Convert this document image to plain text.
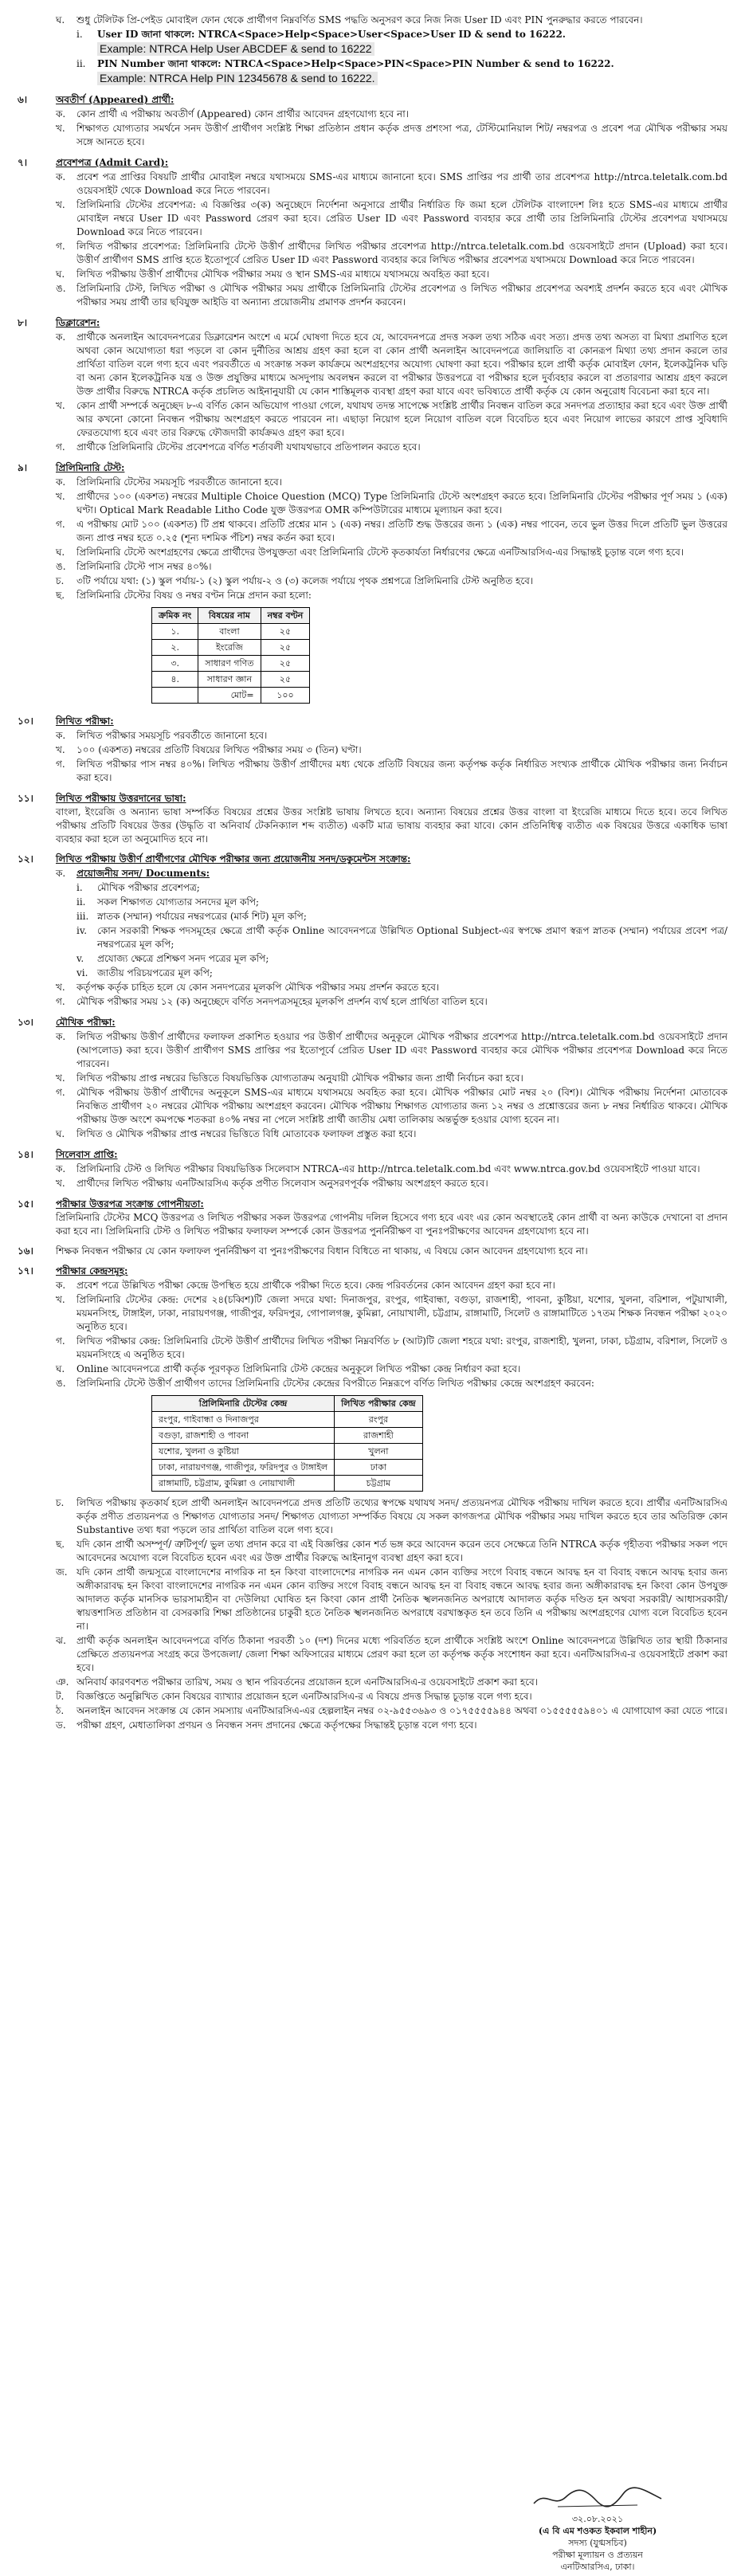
ঘ.	শুধু টেলিটক প্রি-পেইড মোবাইল ফোন থেকে প্রার্থীগণ নিম্নবর্ণিত SMS পদ্ধতি অনুসরণ করে নিজ নিজ User ID এবং PIN পুনরুদ্ধার করতে পারবেন।
i.	User ID জানা থাকলে: NTRCA<Space>Help<Space>User<Space>User ID & send to 16222.
Example: NTRCA Help User ABCDEF & send to 16222
ii.	PIN Number জানা থাকলে: NTRCA<Space>Help<Space>PIN<Space>PIN Number & send to 16222.
Example: NTRCA Help PIN 12345678 & send to 16222.
৬।	অবতীর্ণ (Appeared) প্রার্থী:
ক.	কোন প্রার্থী এ পরীক্ষায় অবতীর্ণ (Appeared) কোন প্রার্থীর আবেদন গ্রহণযোগ্য হবে না।
খ.	শিক্ষাগত যোগ্যতার সমর্থনে সনদ উত্তীর্ণ প্রার্থীগণ সংশ্লিষ্ট শিক্ষা প্রতিষ্ঠান প্রধান কর্তৃক প্রদত্ত প্রশংসা পত্র, টেস্টিমোনিয়াল শিট/ নম্বরপত্র ও প্রবেশ পত্র মৌখিক পরীক্ষার সময় সঙ্গে আনতে হবে।
৭।	প্রবেশপত্র (Admit Card):
ক.	প্রবেশ পত্র প্রাপ্তির বিষয়টি প্রার্থীর মোবাইল নম্বরে যথাসময়ে SMS-এর মাধ্যমে জানানো হবে। SMS প্রাপ্তির পর প্রার্থী তার প্রবেশপত্র http://ntrca.teletalk.com.bd ওয়েবসাইট থেকে Download করে নিতে পারবেন।
খ.	প্রিলিমিনারি টেস্টের প্রবেশপত্র: এ বিজ্ঞপ্তির ৩(ক) অনুচ্ছেদে নির্দেশনা অনুসারে প্রার্থীর নির্ধারিত ফি জমা হলে টেলিটক বাংলাদেশ লিঃ হতে SMS-এর মাধ্যমে প্রার্থীর মোবাইল নম্বরে User ID এবং Password প্রেরণ করা হবে। প্রেরিত User ID এবং Password ব্যবহার করে প্রার্থী তার প্রিলিমিনারি টেস্টের প্রবেশপত্র যথাসময়ে Download করে নিতে পারবেন।
গ.	লিখিত পরীক্ষার প্রবেশপত্র: প্রিলিমিনারি টেস্টে উত্তীর্ণ প্রার্থীদের লিখিত পরীক্ষার প্রবেশপত্র http://ntrca.teletalk.com.bd ওয়েবসাইটে প্রদান (Upload) করা হবে। উত্তীর্ণ প্রার্থীগণ SMS প্রাপ্তি হতে ইতোপূর্বে প্রেরিত User ID এবং Password ব্যবহার করে লিখিত পরীক্ষার প্রবেশপত্র যথাসময়ে Download করে নিতে পারবেন।
ঘ.	লিখিত পরীক্ষায় উত্তীর্ণ প্রার্থীদের মৌখিক পরীক্ষার সময় ও স্থান SMS-এর মাধ্যমে যথাসময়ে অবহিত করা হবে।
ঙ.	প্রিলিমিনারি টেস্ট, লিখিত পরীক্ষা ও মৌখিক পরীক্ষার সময় প্রার্থীকে প্রিলিমিনারি টেস্টের প্রবেশপত্র ও লিখিত পরীক্ষার প্রবেশপত্র অবশ্যই প্রদর্শন করতে হবে এবং মৌখিক পরীক্ষার সময় প্রার্থী তার ছবিযুক্ত আইডি বা অন্যান্য প্রয়োজনীয় প্রমাণক প্রদর্শন করবেন।
৮।	ডিক্লারেশন:
ক.	প্রার্থীকে অনলাইন আবেদনপত্রের ডিক্লারেশন অংশে এ মর্মে ঘোষণা দিতে হবে যে, আবেদনপত্রে প্রদত্ত সকল তথ্য সঠিক এবং সত্য। প্রদত্ত তথ্য অসত্য বা মিথ্যা প্রমাণিত হলে অথবা কোন অযোগ্যতা ধরা পড়লে বা কোন দুর্নীতির আশ্রয় গ্রহণ করা হলে বা কোন প্রার্থী অনলাইন আবেদনপত্রে জালিয়াতি বা কোনরূপ মিথ্যা তথ্য প্রদান করলে তার প্রার্থিতা বাতিল বলে গণ্য হবে এবং পরবর্তীতে এ সংক্রান্ত সকল কার্যক্রমে অংশগ্রহণের অযোগ্য ঘোষণা করা হবে। পরীক্ষার হলে প্রার্থী কর্তৃক মোবাইল ফোন, ইলেকট্রনিক ঘড়ি বা অন্য কোন ইলেকট্রনিক যন্ত্র ও উক্ত প্রযুক্তির মাধ্যমে অসদুপায় অবলম্বন করলে বা পরীক্ষার উত্তরপত্রে বা পরীক্ষার হলে দুর্ব্যবহার করলে বা প্রতারণার আশ্রয় গ্রহণ করলে উক্ত প্রার্থীর বিরুদ্ধে NTRCA কর্তৃক প্রচলিত আইনানুযায়ী যে কোন শাস্তিমূলক ব্যবস্থা গ্রহণ করা যাবে এবং ভবিষ্যতে প্রার্থী কর্তৃক যে কোন অনুরোধ বিবেচনা করা হবে না।
খ.	কোন প্রার্থী সম্পর্কে অনুচ্ছেদ ৮-এ বর্ণিত কোন অভিযোগ পাওয়া গেলে, যথাযথ তদন্ত সাপেক্ষে সংশ্লিষ্ট প্রার্থীর নিবন্ধন বাতিল করে সনদপত্র প্রত্যাহার করা হবে এবং উক্ত প্রার্থী আর কখনো কোনো নিবন্ধন পরীক্ষায় অংশগ্রহণ করতে পারবেন না। এছাড়া নিয়োগ হলে নিয়োগ বাতিল বলে বিবেচিত হবে এবং নিয়োগ লাভের কারণে প্রাপ্ত সুবিধাদি ফেরতযোগ্য হবে এবং তার বিরুদ্ধে ফৌজদারী কার্যক্রমও গ্রহণ করা হবে।
গ.	প্রার্থীকে প্রিলিমিনারি টেস্টের প্রবেশপত্রে বর্ণিত শর্তাবলী যথাযথভাবে প্রতিপালন করতে হবে।
৯।	প্রিলিমিনারি টেস্ট:
ক.	প্রিলিমিনারি টেস্টের সময়সূচি পরবর্তীতে জানানো হবে।
খ.	প্রার্থীদের ১০০ (একশত) নম্বরের Multiple Choice Question (MCQ) Type প্রিলিমিনারি টেস্টে অংশগ্রহণ করতে হবে। প্রিলিমিনারি টেস্টের পরীক্ষার পূর্ণ সময় ১ (এক) ঘণ্টা। Optical Mark Readable Litho Code যুক্ত উত্তরপত্র OMR কম্পিউটারের মাধ্যমে মূল্যায়ন করা হবে।
গ.	এ পরীক্ষায় মোট ১০০ (একশত) টি প্রশ্ন থাকবে। প্রতিটি প্রশ্নের মান ১ (এক) নম্বর। প্রতিটি শুদ্ধ উত্তরের জন্য ১ (এক) নম্বর পাবেন, তবে ভুল উত্তর দিলে প্রতিটি ভুল উত্তরের জন্য প্রাপ্ত নম্বর হতে ০.২৫ (শূন্য দশমিক পঁচিশ) নম্বর কর্তন করা হবে।
ঘ.	প্রিলিমিনারি টেস্টে অংশগ্রহণের ক্ষেত্রে প্রার্থীদের উপযুক্ততা এবং প্রিলিমিনারি টেস্টে কৃতকার্যতা নির্ধারণের ক্ষেত্রে এনটিআরসিএ-এর সিদ্ধান্তই চূড়ান্ত বলে গণ্য হবে।
ঙ.	প্রিলিমিনারি টেস্টে পাস নম্বর ৪০%।
চ.	৩টি পর্যায়ে যথা: (১) স্কুল পর্যায়-১ (২) স্কুল পর্যায়-২ ও (৩) কলেজ পর্যায়ে পৃথক প্রশ্নপত্রে প্রিলিমিনারি টেস্ট অনুষ্ঠিত হবে।
ছ.	প্রিলিমিনারি টেস্টের বিষয় ও নম্বর বণ্টন নিম্নে প্রদান করা হলো:
ক্রমিক নং	বিষয়ের নাম	নম্বর বণ্টন
১.	বাংলা	২৫
২.	ইংরেজি	২৫
৩.	সাধারণ গণিত	২৫
৪.	সাধারণ জ্ঞান	২৫
	মোট=	১০০
১০।	লিখিত পরীক্ষা:
ক.	লিখিত পরীক্ষার সময়সূচি পরবর্তীতে জানানো হবে।
খ.	১০০ (একশত) নম্বরের প্রতিটি বিষয়ের লিখিত পরীক্ষার সময় ৩ (তিন) ঘণ্টা।
গ.	লিখিত পরীক্ষার পাস নম্বর ৪০%। লিখিত পরীক্ষায় উত্তীর্ণ প্রার্থীদের মধ্য থেকে প্রতিটি বিষয়ের জন্য কর্তৃপক্ষ কর্তৃক নির্ধারিত সংখ্যক প্রার্থীকে মৌখিক পরীক্ষার জন্য নির্বাচন করা হবে।
১১।	লিখিত পরীক্ষায় উত্তরদানের ভাষা:
বাংলা, ইংরেজি ও অন্যান্য ভাষা সম্পর্কিত বিষয়ের প্রশ্নের উত্তর সংশ্লিষ্ট ভাষায় লিখতে হবে। অন্যান্য বিষয়ের প্রশ্নের উত্তর বাংলা বা ইংরেজি মাধ্যমে দিতে হবে। তবে লিখিত পরীক্ষায় প্রতিটি বিষয়ের উত্তর (উদ্ধৃতি বা অনিবার্য টেকনিক্যাল শব্দ ব্যতীত) একটি মাত্র ভাষায় ব্যবহার করা যাবে। কোন প্রতিনিধিত্ব ব্যতীত এক বিষয়ের উত্তরে একাধিক ভাষা ব্যবহার করা হলে তা অনুমোদিত হবে না।
১২।	লিখিত পরীক্ষায় উত্তীর্ণ প্রার্থীগণের মৌখিক পরীক্ষার জন্য প্রয়োজনীয় সনদ/ডকুমেন্টস সংক্রান্ত:
ক.	প্রয়োজনীয় সনদ/ Documents:
i.	মৌখিক পরীক্ষার প্রবেশপত্র;
ii.	সকল শিক্ষাগত যোগ্যতার সনদের মূল কপি;
iii. স্নাতক (সম্মান) পর্যায়ের নম্বরপত্রের (মার্ক শিট) মূল কপি;
iv.	কোন সরকারী শিক্ষক পদসমূহের ক্ষেত্রে প্রার্থী কর্তৃক Online আবেদনপত্রে উল্লিখিত Optional Subject-এর স্বপক্ষে প্রমাণ স্বরূপ স্নাতক (সম্মান) পর্যায়ের প্রবেশ পত্র/ নম্বরপত্রের মূল কপি;
v.	প্রযোজ্য ক্ষেত্রে প্রশিক্ষণ সনদ পত্রের মূল কপি;
vi. জাতীয় পরিচয়পত্রের মূল কপি;
খ.	কর্তৃপক্ষ কর্তৃক চাহিত হলে যে কোন সনদপত্রের মূলকপি মৌখিক পরীক্ষার সময় প্রদর্শন করতে হবে।
গ.	মৌখিক পরীক্ষার সময় ১২ (ক) অনুচ্ছেদে বর্ণিত সনদপত্রসমূহের মূলকপি প্রদর্শন ব্যর্থ হলে প্রার্থিতা বাতিল হবে।
১৩।	মৌখিক পরীক্ষা:
ক.	লিখিত পরীক্ষায় উত্তীর্ণ প্রার্থীদের ফলাফল প্রকাশিত হওয়ার পর উত্তীর্ণ প্রার্থীদের অনুকূলে মৌখিক পরীক্ষার প্রবেশপত্র http://ntrca.teletalk.com.bd ওয়েবসাইটে প্রদান (আপলোড) করা হবে। উত্তীর্ণ প্রার্থীগণ SMS প্রাপ্তির পর ইতোপূর্বে প্রেরিত User ID এবং Password ব্যবহার করে মৌখিক পরীক্ষার প্রবেশপত্র Download করে নিতে পারবেন।
খ.	লিখিত পরীক্ষায় প্রাপ্ত নম্বরের ভিত্তিতে বিষয়ভিত্তিক যোগ্যতাক্রম অনুযায়ী মৌখিক পরীক্ষার জন্য প্রার্থী নির্বাচন করা হবে।
গ.	মৌখিক পরীক্ষায় উত্তীর্ণ প্রার্থীদের অনুকূলে SMS-এর মাধ্যমে যথাসময়ে অবহিত করা হবে। মৌখিক পরীক্ষার মোট নম্বর ২০ (বিশ)। মৌখিক পরীক্ষায় নির্দেশনা মোতাবেক নিবন্ধিত প্রার্থীগণ ২০ নম্বরের মৌখিক পরীক্ষায় অংশগ্রহণ করবেন। মৌখিক পরীক্ষায় শিক্ষাগত যোগ্যতার জন্য ১২ নম্বর ও প্রশ্নোত্তরের জন্য ৮ নম্বর নির্ধারিত থাকবে। মৌখিক পরীক্ষায় উক্ত অংশে কমপক্ষে শতকরা ৪০% নম্বর না পেলে সংশ্লিষ্ট প্রার্থী জাতীয় মেধা তালিকায় অন্তর্ভুক্ত হওয়ার যোগ্য হবেন না।
ঘ.	লিখিত ও মৌখিক পরীক্ষার প্রাপ্ত নম্বরের ভিত্তিতে বিধি মোতাবেক ফলাফল প্রস্তুত করা হবে।
১৪।	সিলেবাস প্রাপ্তি:
ক.	প্রিলিমিনারি টেস্ট ও লিখিত পরীক্ষার বিষয়ভিত্তিক সিলেবাস NTRCA-এর http://ntrca.teletalk.com.bd এবং www.ntrca.gov.bd ওয়েবসাইটে পাওয়া যাবে।
খ.	প্রার্থীদের লিখিত পরীক্ষায় এনটিআরসিএ কর্তৃক প্রণীত সিলেবাস অনুসরণপূর্বক পরীক্ষায় অংশগ্রহণ করতে হবে।
১৫।	পরীক্ষার উত্তরপত্র সংক্রান্ত গোপনীয়তা:
প্রিলিমিনারি টেস্টের MCQ উত্তরপত্র ও লিখিত পরীক্ষার সকল উত্তরপত্র গোপনীয় দলিল হিসেবে গণ্য হবে এবং এর কোন অবস্থাতেই কোন প্রার্থী বা অন্য কাউকে দেখানো বা প্রদান করা হবে না। প্রিলিমিনারি টেস্ট ও লিখিত পরীক্ষার ফলাফল সম্পর্কে কোন উত্তরপত্র পুনর্নিরীক্ষণ বা পুনঃপরীক্ষণের আবেদন গ্রহণযোগ্য হবে না।
১৬।	শিক্ষক নিবন্ধন পরীক্ষার যে কোন ফলাফল পুনর্নিরীক্ষণ বা পুনঃপরীক্ষণের বিধান বিধিতে না থাকায়, এ বিষয়ে কোন আবেদন গ্রহণযোগ্য হবে না।
১৭।	পরীক্ষার কেন্দ্রসমূহ:
ক.	প্রবেশ পত্রে উল্লিখিত পরীক্ষা কেন্দ্রে উপস্থিত হয়ে প্রার্থীকে পরীক্ষা দিতে হবে। কেন্দ্র পরিবর্তনের কোন আবেদন গ্রহণ করা হবে না।
খ.	প্রিলিমিনারি টেস্টের কেন্দ্র: দেশের ২৪(চব্বিশ)টি জেলা সদরে যথা: দিনাজপুর, রংপুর, গাইবান্ধা, বগুড়া, রাজশাহী, পাবনা, কুষ্টিয়া, যশোর, খুলনা, বরিশাল, পটুয়াখালী, ময়মনসিংহ, টাঙ্গাইল, ঢাকা, নারায়ণগঞ্জ, গাজীপুর, ফরিদপুর, গোপালগঞ্জ, কুমিল্লা, নোয়াখালী, চট্টগ্রাম, রাঙ্গামাটি, সিলেট ও রাঙ্গামাটিতে ১৭তম শিক্ষক নিবন্ধন পরীক্ষা ২০২০ অনুষ্ঠিত হবে।
গ.	লিখিত পরীক্ষার কেন্দ্র: প্রিলিমিনারি টেস্টে উত্তীর্ণ প্রার্থীদের লিখিত পরীক্ষা নিম্নবর্ণিত ৮ (আট)টি জেলা শহরে যথা: রংপুর, রাজশাহী, খুলনা, ঢাকা, চট্টগ্রাম, বরিশাল, সিলেট ও ময়মনসিংহে এ অনুষ্ঠিত হবে।
ঘ.	Online আবেদনপত্রে প্রার্থী কর্তৃক পূরণকৃত প্রিলিমিনারি টেস্ট কেন্দ্রের অনুকূলে লিখিত পরীক্ষা কেন্দ্র নির্ধারণ করা হবে।
ঙ.	প্রিলিমিনারি টেস্টে উত্তীর্ণ প্রার্থীগণ তাদের প্রিলিমিনারি টেস্টের কেন্দ্রের বিপরীতে নিম্নরূপে বর্ণিত লিখিত পরীক্ষার কেন্দ্রে অংশগ্রহণ করবেন:
প্রিলিমিনারি টেস্টের কেন্দ্র	লিখিত পরীক্ষার কেন্দ্র
রংপুর, গাইবান্ধা ও দিনাজপুর	রংপুর
বগুড়া, রাজশাহী ও পাবনা	রাজশাহী
যশোর, খুলনা ও কুষ্টিয়া	খুলনা
ঢাকা, নারায়ণগঞ্জ, গাজীপুর, ফরিদপুর ও টাঙ্গাইল	ঢাকা
রাঙ্গামাটি, চট্টগ্রাম, কুমিল্লা ও নোয়াখালী	চট্টগ্রাম
চ.	লিখিত পরীক্ষায় কৃতকার্য হলে প্রার্থী অনলাইন আবেদনপত্রে প্রদত্ত প্রতিটি তথ্যের স্বপক্ষে যথাযথ সনদ/ প্রত্যয়নপত্র মৌখিক পরীক্ষায় দাখিল করতে হবে। প্রার্থীর এনটিআরসিএ কর্তৃক প্রণীত প্রত্যয়নপত্র ও শিক্ষাগত যোগ্যতার সনদ/ শিক্ষাগত যোগ্যতা সম্পর্কিত বিষয়ে যে সকল কাগজপত্র মৌখিক পরীক্ষার সময় দাখিল করতে হবে তার অতিরিক্ত কোন Substantive তথ্য ধরা পড়লে তার প্রার্থিতা বাতিল বলে গণ্য হবে।
ছ.	যদি কোন প্রার্থী অসম্পূর্ণ/ ত্রুটিপূর্ণ/ ভুল তথ্য প্রদান করে বা এই বিজ্ঞপ্তির কোন শর্ত ভঙ্গ করে আবেদন করেন তবে সেক্ষেত্রে তিনি NTRCA কর্তৃক গৃহীতব্য পরীক্ষার সকল পদে আবেদনের অযোগ্য বলে বিবেচিত হবেন এবং এর উক্ত প্রার্থীর বিরুদ্ধে আইনানুগ ব্যবস্থা গ্রহণ করা হবে।
জ. যদি কোন প্রার্থী জন্মসূত্রে বাংলাদেশের নাগরিক না হন কিংবা বাংলাদেশের নাগরিক নন এমন কোন ব্যক্তির সংগে বিবাহ বন্ধনে আবদ্ধ হন বা বিবাহ বন্ধনে আবদ্ধ হবার জন্য অঙ্গীকারাবদ্ধ হন কিংবা বাংলাদেশের নাগরিক নন এমন কোন ব্যক্তির সংগে বিবাহ বন্ধনে আবদ্ধ হন বা বিবাহ বন্ধনে আবদ্ধ হবার জন্য অঙ্গীকারাবদ্ধ হন কিংবা কোন উপযুক্ত আদালত কর্তৃক মানসিক ভারসাম্যহীন বা দেউলিয়া ঘোষিত হন কিংবা কোন প্রার্থী নৈতিক স্খলনজনিত অপরাধে আদালত কর্তৃক দণ্ডিত হন অথবা সরকারী/ আধাসরকারী/ স্বায়ত্তশাসিত প্রতিষ্ঠান বা বেসরকারি শিক্ষা প্রতিষ্ঠানের চাকুরী হতে নৈতিক স্খলনজনিত অপরাধে বরখাস্তকৃত হন তবে তিনি এ পরীক্ষায় অংশগ্রহণের যোগ্য বলে বিবেচিত হবেন না।
ঝ.	প্রার্থী কর্তৃক অনলাইন আবেদনপত্রে বর্ণিত ঠিকানা পরবর্তী ১০ (দশ) দিনের মধ্যে পরিবর্তিত হলে প্রার্থীকে সংশ্লিষ্ট অংশে Online আবেদনপত্রে উল্লিখিত তার স্থায়ী ঠিকানার প্রেক্ষিতে প্রত্যয়নপত্র সংগ্রহ করে উপজেলা/ জেলা শিক্ষা অফিসারের মাধ্যমে প্রেরণ করা হলে তা কর্তৃপক্ষ কর্তৃক সংশোধন করা হবে। এনটিআরসিএ-র ওয়েবসাইটে প্রকাশ করা হবে।
ঞ. অনিবার্য কারণবশত পরীক্ষার তারিখ, সময় ও স্থান পরিবর্তনের প্রয়োজন হলে এনটিআরসিএ-র ওয়েবসাইটে প্রকাশ করা হবে।
ট.	বিজ্ঞপ্তিতে অনুল্লিখিত কোন বিষয়ের ব্যাখ্যার প্রয়োজন হলে এনটিআরসিএ-র এ বিষয়ে প্রদত্ত সিদ্ধান্ত চূড়ান্ত বলে গণ্য হবে।
ঠ.	অনলাইন আবেদন সংক্রান্ত যে কোন সমস্যায় এনটিআরসিএ-এর হেল্পলাইন নম্বর ০২-৯৫৫৩৬৯৩ ও ০১৭৫৫৫৫৯৪৪ অথবা ০১৫৫৫৫৫৯৪০১ এ যোগাযোগ করা যেতে পারে।
ড.	পরীক্ষা গ্রহণ, মেধাতালিকা প্রণয়ন ও নিবন্ধন সনদ প্রদানের ক্ষেত্রে কর্তৃপক্ষের সিদ্ধান্তই চূড়ান্ত বলে গণ্য হবে।
৩২.০৮.২০২১
(এ বি এম শওকত ইকবাল শাহীন)
সদস্য (যুগ্মসচিব)
পরীক্ষা মূল্যায়ন ও প্রত্যয়ন
এনটিআরসিএ, ঢাকা।
